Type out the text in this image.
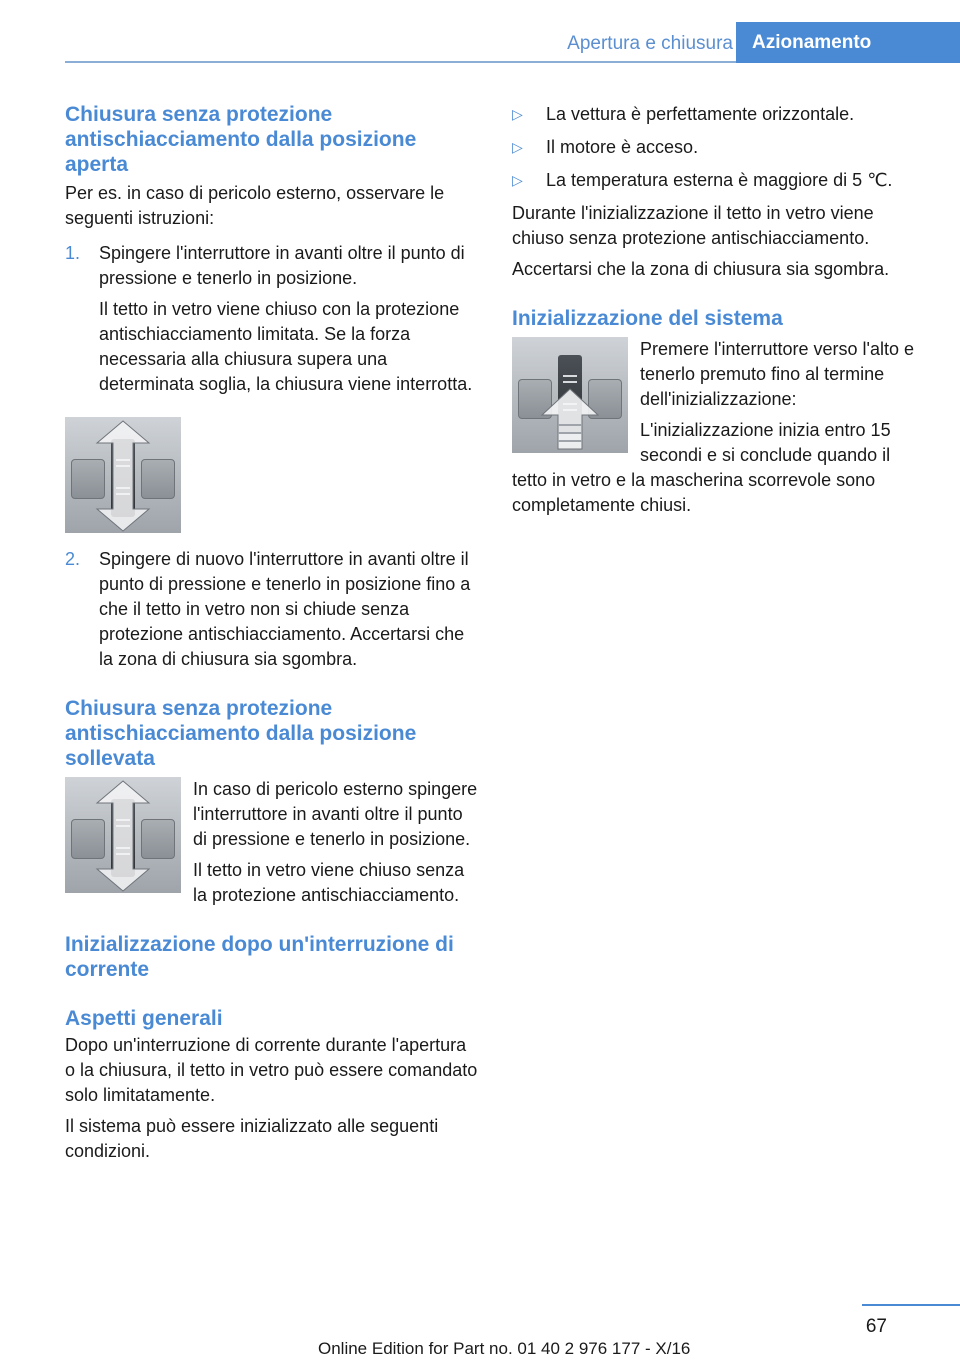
Apertura e chiusura	Azionamento
Chiusura senza protezione antischiacciamento dalla posizione aperta

Per es. in caso di pericolo esterno, osservare le seguenti istruzioni:

1. Spingere l'interruttore in avanti oltre il punto di pressione e tenerlo in posizione.
Il tetto in vetro viene chiuso con la protezione antischiacciamento limitata. Se la forza necessaria alla chiusura supera una determinata soglia, la chiusura viene interrotta.
2. Spingere di nuovo l'interruttore in avanti oltre il punto di pressione e tenerlo in posizione fino a che il tetto in vetro non si chiude senza protezione antischiacciamento. Accertarsi che la zona di chiusura sia sgombra.
Chiusura senza protezione antischiacciamento dalla posizione sollevata

In caso di pericolo esterno spingere l'interruttore in avanti oltre il punto di pressione e tenerlo in posizione.

Il tetto in vetro viene chiuso senza la protezione antischiacciamento.

Inizializzazione dopo un'interruzione di corrente
Aspetti generali

Dopo un'interruzione di corrente durante l'apertura o la chiusura, il tetto in vetro può essere comandato solo limitatamente.

Il sistema può essere inizializzato alle seguenti condizioni.

▷ La vettura è perfettamente orizzontale.
▷ Il motore è acceso.
▷ La temperatura esterna è maggiore di 5 ℃.

Durante l'inizializzazione il tetto in vetro viene chiuso senza protezione antischiacciamento.

Accertarsi che la zona di chiusura sia sgombra.

Inizializzazione del sistema

Premere l'interruttore verso l'alto e tenerlo premuto fino al termine dell'inizializzazione:

L'inizializzazione inizia entro 15 secondi e si conclude quando il tetto in vetro e la mascherina scorrevole sono completamente chiusi.

67
Online Edition for Part no. 01 40 2 976 177 - X/16
